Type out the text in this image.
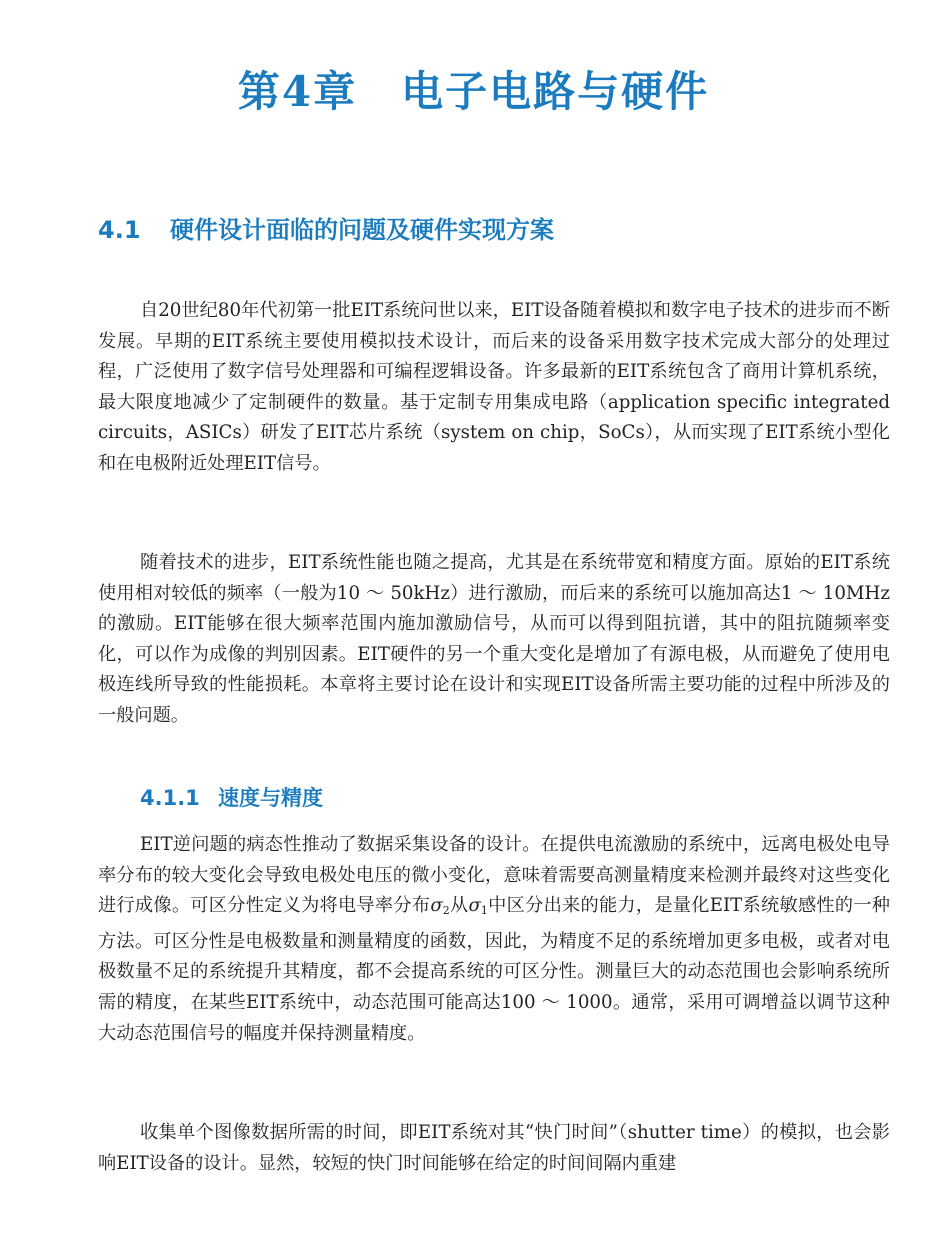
第4章 电子电路与硬件
4.1 硬件设计面临的问题及硬件实现方案

自20世纪80年代初第一批EIT系统问世以来，EIT设备随着模拟和数字电子技术的进步而不断发展。早期的EIT系统主要使用模拟技术设计，而后来的设备采用数字技术完成大部分的处理过程，广泛使用了数字信号处理器和可编程逻辑设备。许多最新的EIT系统包含了商用计算机系统，最大限度地减少了定制硬件的数量。基于定制专用集成电路（application specific integrated circuits，ASICs）研发了EIT芯片系统（system on chip，SoCs），从而实现了EIT系统小型化和在电极附近处理EIT信号。

随着技术的进步，EIT系统性能也随之提高，尤其是在系统带宽和精度方面。原始的EIT系统使用相对较低的频率（一般为10 ～ 50kHz）进行激励，而后来的系统可以施加高达1 ～ 10MHz的激励。EIT能够在很大频率范围内施加激励信号，从而可以得到阻抗谱，其中的阻抗随频率变化，可以作为成像的判别因素。EIT硬件的另一个重大变化是增加了有源电极，从而避免了使用电极连线所导致的性能损耗。本章将主要讨论在设计和实现EIT设备所需主要功能的过程中所涉及的一般问题。

4.1.1 速度与精度

EIT逆问题的病态性推动了数据采集设备的设计。在提供电流激励的系统中，远离电极处电导率分布的较大变化会导致电极处电压的微小变化，意味着需要高测量精度来检测并最终对这些变化进行成像。可区分性定义为将电导率分布$\sigma_2$从$\sigma_1$中区分出来的能力，是量化EIT系统敏感性的一种方法。可区分性是电极数量和测量精度的函数，因此，为精度不足的系统增加更多电极，或者对电极数量不足的系统提升其精度，都不会提高系统的可区分性。测量巨大的动态范围也会影响系统所需的精度，在某些EIT系统中，动态范围可能高达100 ～ 1000。通常，采用可调增益以调节这种大动态范围信号的幅度并保持测量精度。

收集单个图像数据所需的时间，即EIT系统对其“快门时间”（shutter time）的模拟，也会影响EIT设备的设计。显然，较短的快门时间能够在给定的时间间隔内重建
